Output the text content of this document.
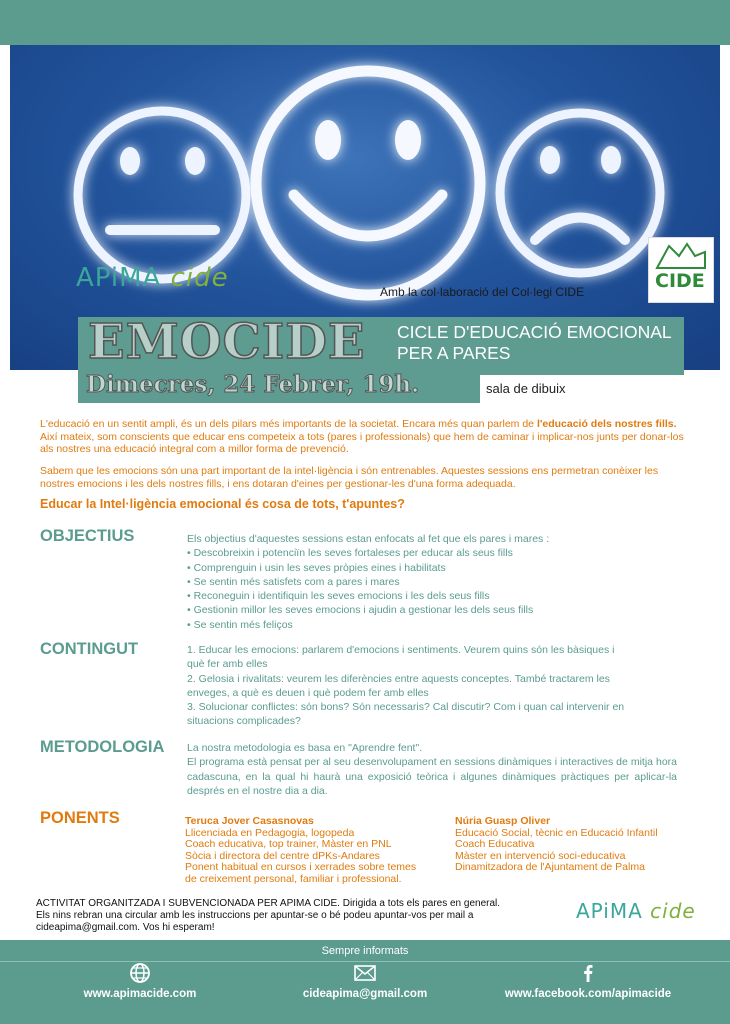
APiMA cide	Amb la col·laboració del Col·legi CIDE	CIDE
EMOCIDE CICLE D'EDUCACIÓ EMOCIONAL
PER A PARES
Dimecres, 24 Febrer, 19h.	sala de dibuix
L'educació en un sentit ampli, és un dels pilars més importants de la societat. Encara més quan parlem de l'educació dels nostres fills. Així mateix, som conscients que educar ens competeix a tots (pares i professionals) que hem de caminar i implicar-nos junts per donar-los als nostres una educació integral com a millor forma de prevenció.
Sabem que les emocions són una part important de la intel·ligència i són entrenables. Aquestes sessions ens permetran conèixer les nostres emocions i les dels nostres fills, i ens dotaran d'eines per gestionar-les d'una forma adequada.
Educar la Intel·ligència emocional és cosa de tots, t'apuntes?
OBJECTIUS	Els objectius d'aquestes sessions estan enfocats al fet que els pares i mares :

• Descobreixin i potenciïn les seves fortaleses per educar als seus fills

• Comprenguin i usin les seves pròpies eines i habilitats

• Se sentin més satisfets com a pares i mares

• Reconeguin i identifiquin les seves emocions i les dels seus fills

• Gestionin millor les seves emocions i ajudin a gestionar les dels seus fills

• Se sentin més feliços

CONTINGUT	1. Educar les emocions: parlarem d'emocions i sentiments. Veurem quins són les bàsiques i

què fer amb elles

2. Gelosia i rivalitats: veurem les diferències entre aquests conceptes. També tractarem les

enveges, a què es deuen i què podem fer amb elles

3. Solucionar conflictes: són bons? Són necessaris? Cal discutir? Com i quan cal intervenir en

situacions complicades?

METODOLOGIA La nostra metodologia es basa en "Aprendre fent".

El programa està pensat per al seu desenvolupament en sessions dinàmiques i interactives de mitja hora cadascuna, en la qual hi haurà una exposició teòrica i algunes dinàmiques pràctiques per aplicar-la després en el nostre dia a dia.

PONENTS	Teruca Jover Casasnovas
Llicenciada en Pedagogia, logopeda
Coach educativa, top trainer, Màster en PNL
Sòcia i directora del centre dPKs-Andares
Ponent habitual en cursos i xerrades sobre temes
de creixement personal, familiar i professional.
Núria Guasp Oliver
Educació Social, tècnic en Educació Infantil
Coach Educativa
Màster en intervenció soci-educativa
Dinamitzadora de l'Ajuntament de Palma
ACTIVITAT ORGANITZADA I SUBVENCIONADA PER APIMA CIDE. Dirigida a tots els pares en general.
Els nins rebran una circular amb les instruccions per apuntar-se o bé podeu apuntar-vos per mail a
cideapima@gmail.com. Vos hi esperam!
APiMA cide
Sempre informats
www.apimacide.com	cideapima@gmail.com	www.facebook.com/apimacide
